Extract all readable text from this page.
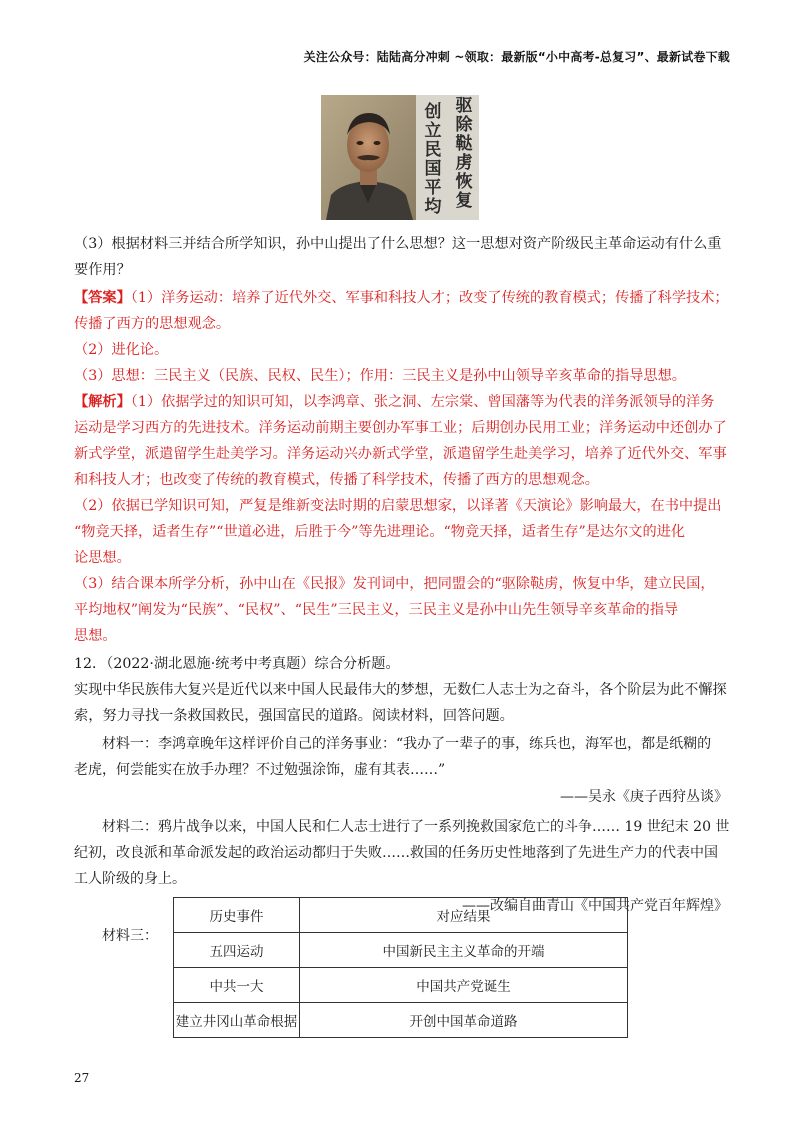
关注公众号：陆陆高分冲刺 ~领取：最新版“小中高考-总复习”、最新试卷下载
驱
除
鞑
虏
恢
复
创
立
民
国
平
均
（3）根据材料三并结合所学知识，孙中山提出了什么思想？这一思想对资产阶级民主革命运动有什么重
要作用？
【答案】（1）洋务运动：培养了近代外交、军事和科技人才；改变了传统的教育模式；传播了科学技术；
传播了西方的思想观念。
（2）进化论。
（3）思想：三民主义（民族、民权、民生）；作用：三民主义是孙中山领导辛亥革命的指导思想。
【解析】（1）依据学过的知识可知，以李鸿章、张之洞、左宗棠、曾国藩等为代表的洋务派领导的洋务
运动是学习西方的先进技术。洋务运动前期主要创办军事工业；后期创办民用工业；洋务运动中还创办了
新式学堂，派遣留学生赴美学习。洋务运动兴办新式学堂，派遣留学生赴美学习，培养了近代外交、军事
和科技人才；也改变了传统的教育模式，传播了科学技术，传播了西方的思想观念。
（2）依据已学知识可知，严复是维新变法时期的启蒙思想家，以译著《天演论》影响最大，在书中提出
“物竞天择，适者生存”“世道必进，后胜于今”等先进理论。“物竞天择，适者生存”是达尔文的进化
论思想。
（3）结合课本所学分析，孙中山在《民报》发刊词中，把同盟会的“驱除鞑虏，恢复中华，建立民国，
平均地权”阐发为“民族”、“民权”、“民生”三民主义，三民主义是孙中山先生领导辛亥革命的指导
思想。
12．（2022·湖北恩施·统考中考真题）综合分析题。
实现中华民族伟大复兴是近代以来中国人民最伟大的梦想，无数仁人志士为之奋斗，各个阶层为此不懈探
索，努力寻找一条救国救民，强国富民的道路。阅读材料，回答问题。
材料一：李鸿章晚年这样评价自己的洋务事业：“我办了一辈子的事，练兵也，海军也，都是纸糊的
老虎，何尝能实在放手办理？不过勉强涂饰，虚有其表……”
材料二：鸦片战争以来，中国人民和仁人志士进行了一系列挽救国家危亡的斗争…… 19 世纪末 20 世
纪初，改良派和革命派发起的政治运动都归于失败……救国的任务历史性地落到了先进生产力的代表中国
工人阶级的身上。
材料三：
——吴永《庚子西狩丛谈》
——改编自曲青山《中国共产党百年辉煌》
历史事件	对应结果
五四运动	中国新民主主义革命的开端
中共一大	中国共产党诞生
建立井冈山革命根据	开创中国革命道路
27
